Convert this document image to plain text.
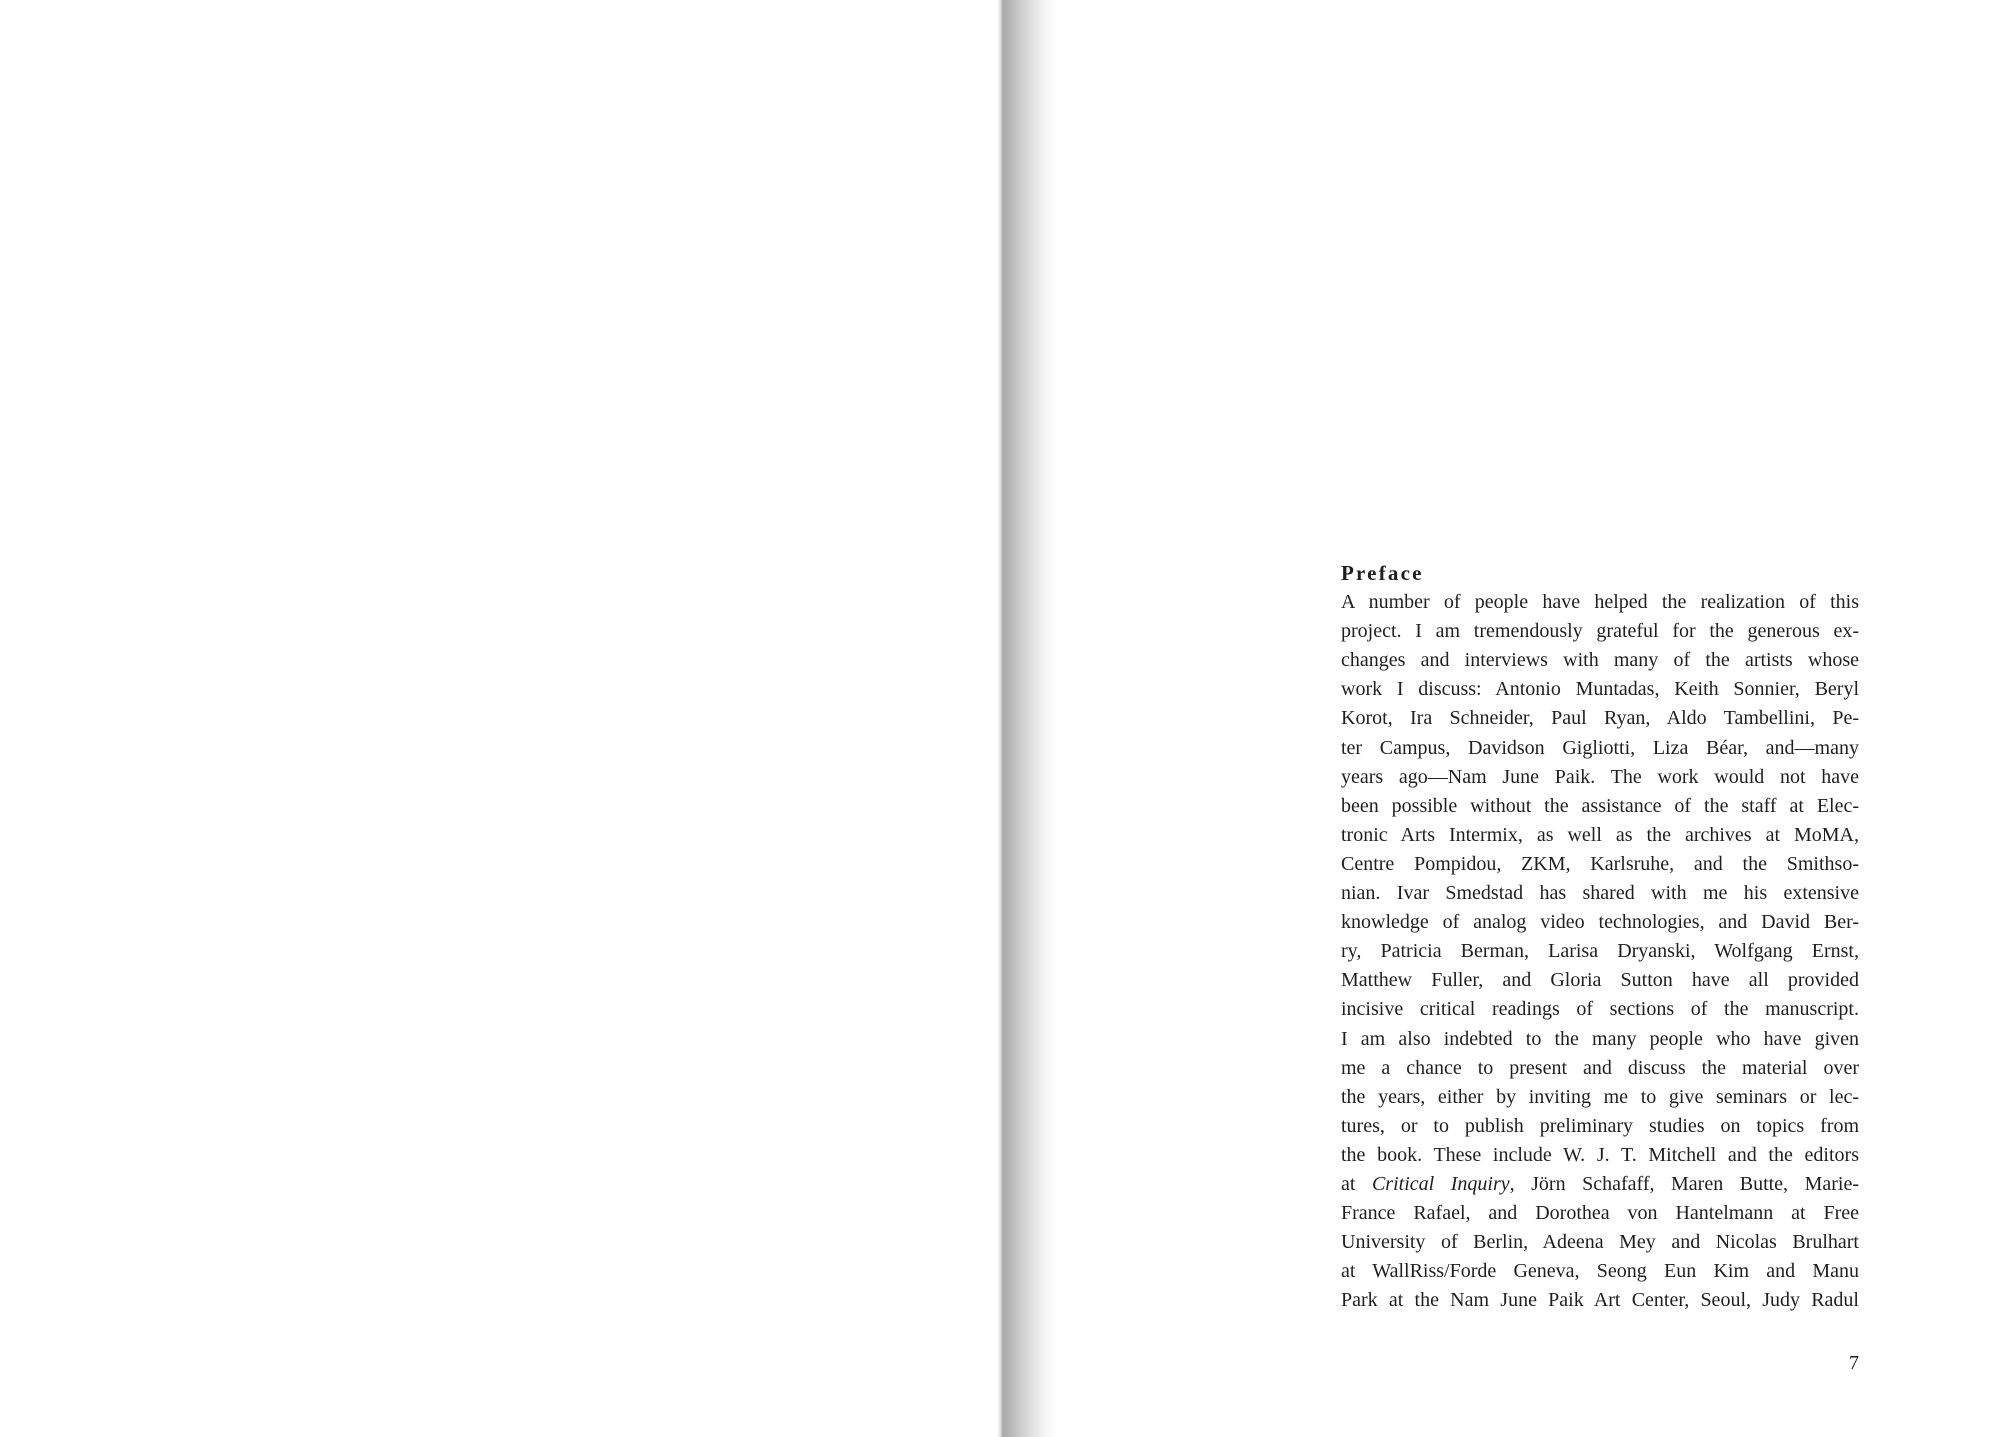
Preface
A number of people have helped the realization of this
project. I am tremendously grateful for the generous ex-
changes and interviews with many of the artists whose
work I discuss: Antonio Muntadas, Keith Sonnier, Beryl
Korot, Ira Schneider, Paul Ryan, Aldo Tambellini, Pe-
ter Campus, Davidson Gigliotti, Liza Béar, and—many
years ago—Nam June Paik. The work would not have
been possible without the assistance of the staff at Elec-
tronic Arts Intermix, as well as the archives at MoMA,
Centre Pompidou, ZKM, Karlsruhe, and the Smithso-
nian. Ivar Smedstad has shared with me his extensive
knowledge of analog video technologies, and David Ber-
ry, Patricia Berman, Larisa Dryanski, Wolfgang Ernst,
Matthew Fuller, and Gloria Sutton have all provided
incisive critical readings of sections of the manuscript.
I am also indebted to the many people who have given
me a chance to present and discuss the material over
the years, either by inviting me to give seminars or lec-
tures, or to publish preliminary studies on topics from
the book. These include W. J. T. Mitchell and the editors
at Critical Inquiry, Jörn Schafaff, Maren Butte, Marie-
France Rafael, and Dorothea von Hantelmann at Free
University of Berlin, Adeena Mey and Nicolas Brulhart
at WallRiss/Forde Geneva, Seong Eun Kim and Manu
Park at the Nam June Paik Art Center, Seoul, Judy Radul
7
